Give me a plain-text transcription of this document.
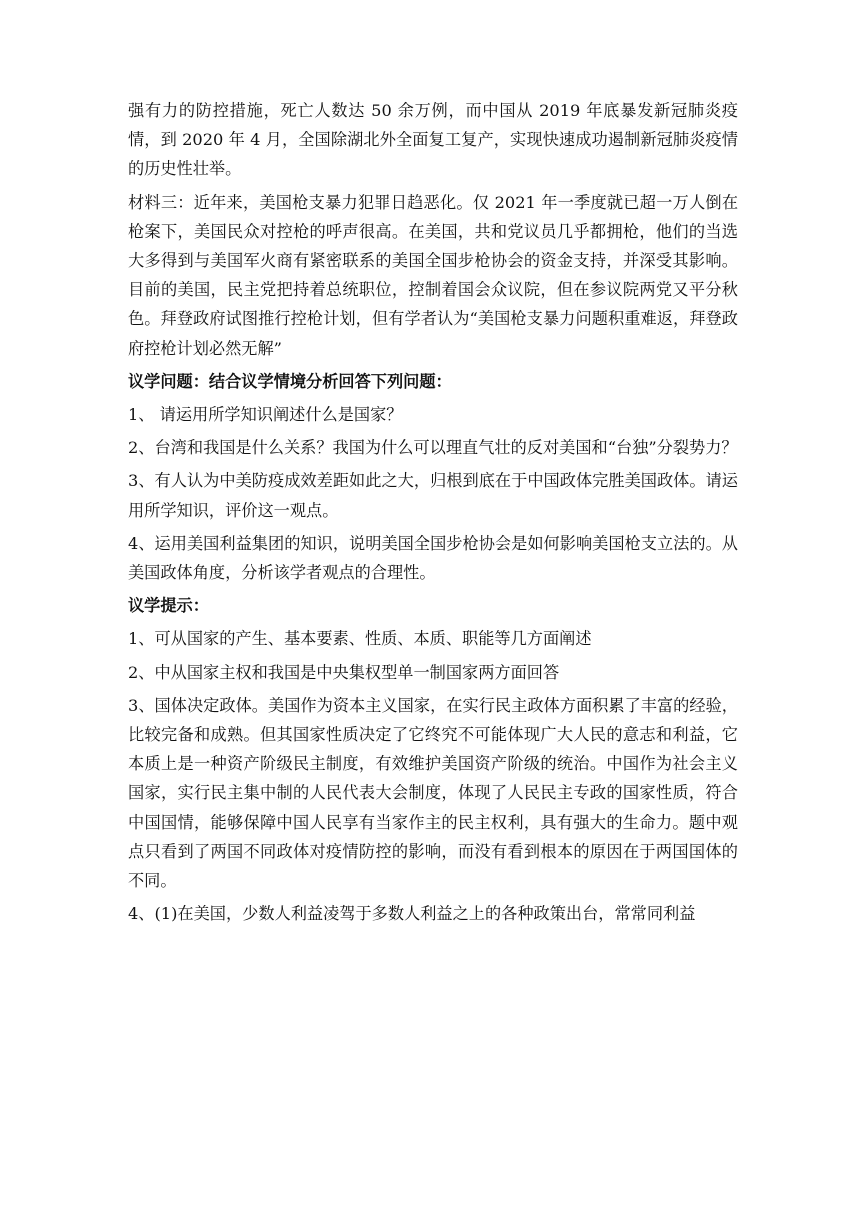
强有力的防控措施，死亡人数达 50 余万例，而中国从 2019 年底暴发新冠肺炎疫情，到 2020 年 4 月，全国除湖北外全面复工复产，实现快速成功遏制新冠肺炎疫情的历史性壮举。

材料三：近年来，美国枪支暴力犯罪日趋恶化。仅 2021 年一季度就已超一万人倒在枪案下，美国民众对控枪的呼声很高。在美国，共和党议员几乎都拥枪，他们的当选大多得到与美国军火商有紧密联系的美国全国步枪协会的资金支持，并深受其影响。目前的美国，民主党把持着总统职位，控制着国会众议院，但在参议院两党又平分秋色。拜登政府试图推行控枪计划，但有学者认为“美国枪支暴力问题积重难返，拜登政府控枪计划必然无解”

议学问题：结合议学情境分析回答下列问题：

1、 请运用所学知识阐述什么是国家？

2、台湾和我国是什么关系？我国为什么可以理直气壮的反对美国和“台独”分裂势力？

3、有人认为中美防疫成效差距如此之大，归根到底在于中国政体完胜美国政体。请运用所学知识，评价这一观点。

4、运用美国利益集团的知识，说明美国全国步枪协会是如何影响美国枪支立法的。从美国政体角度，分析该学者观点的合理性。

议学提示：

1、可从国家的产生、基本要素、性质、本质、职能等几方面阐述

2、中从国家主权和我国是中央集权型单一制国家两方面回答

3、国体决定政体。美国作为资本主义国家，在实行民主政体方面积累了丰富的经验，比较完备和成熟。但其国家性质决定了它终究不可能体现广大人民的意志和利益，它本质上是一种资产阶级民主制度，有效维护美国资产阶级的统治。中国作为社会主义国家，实行民主集中制的人民代表大会制度，体现了人民民主专政的国家性质，符合中国国情，能够保障中国人民享有当家作主的民主权利，具有强大的生命力。题中观点只看到了两国不同政体对疫情防控的影响，而没有看到根本的原因在于两国国体的不同。

4、(1)在美国，少数人利益凌驾于多数人利益之上的各种政策出台，常常同利益
